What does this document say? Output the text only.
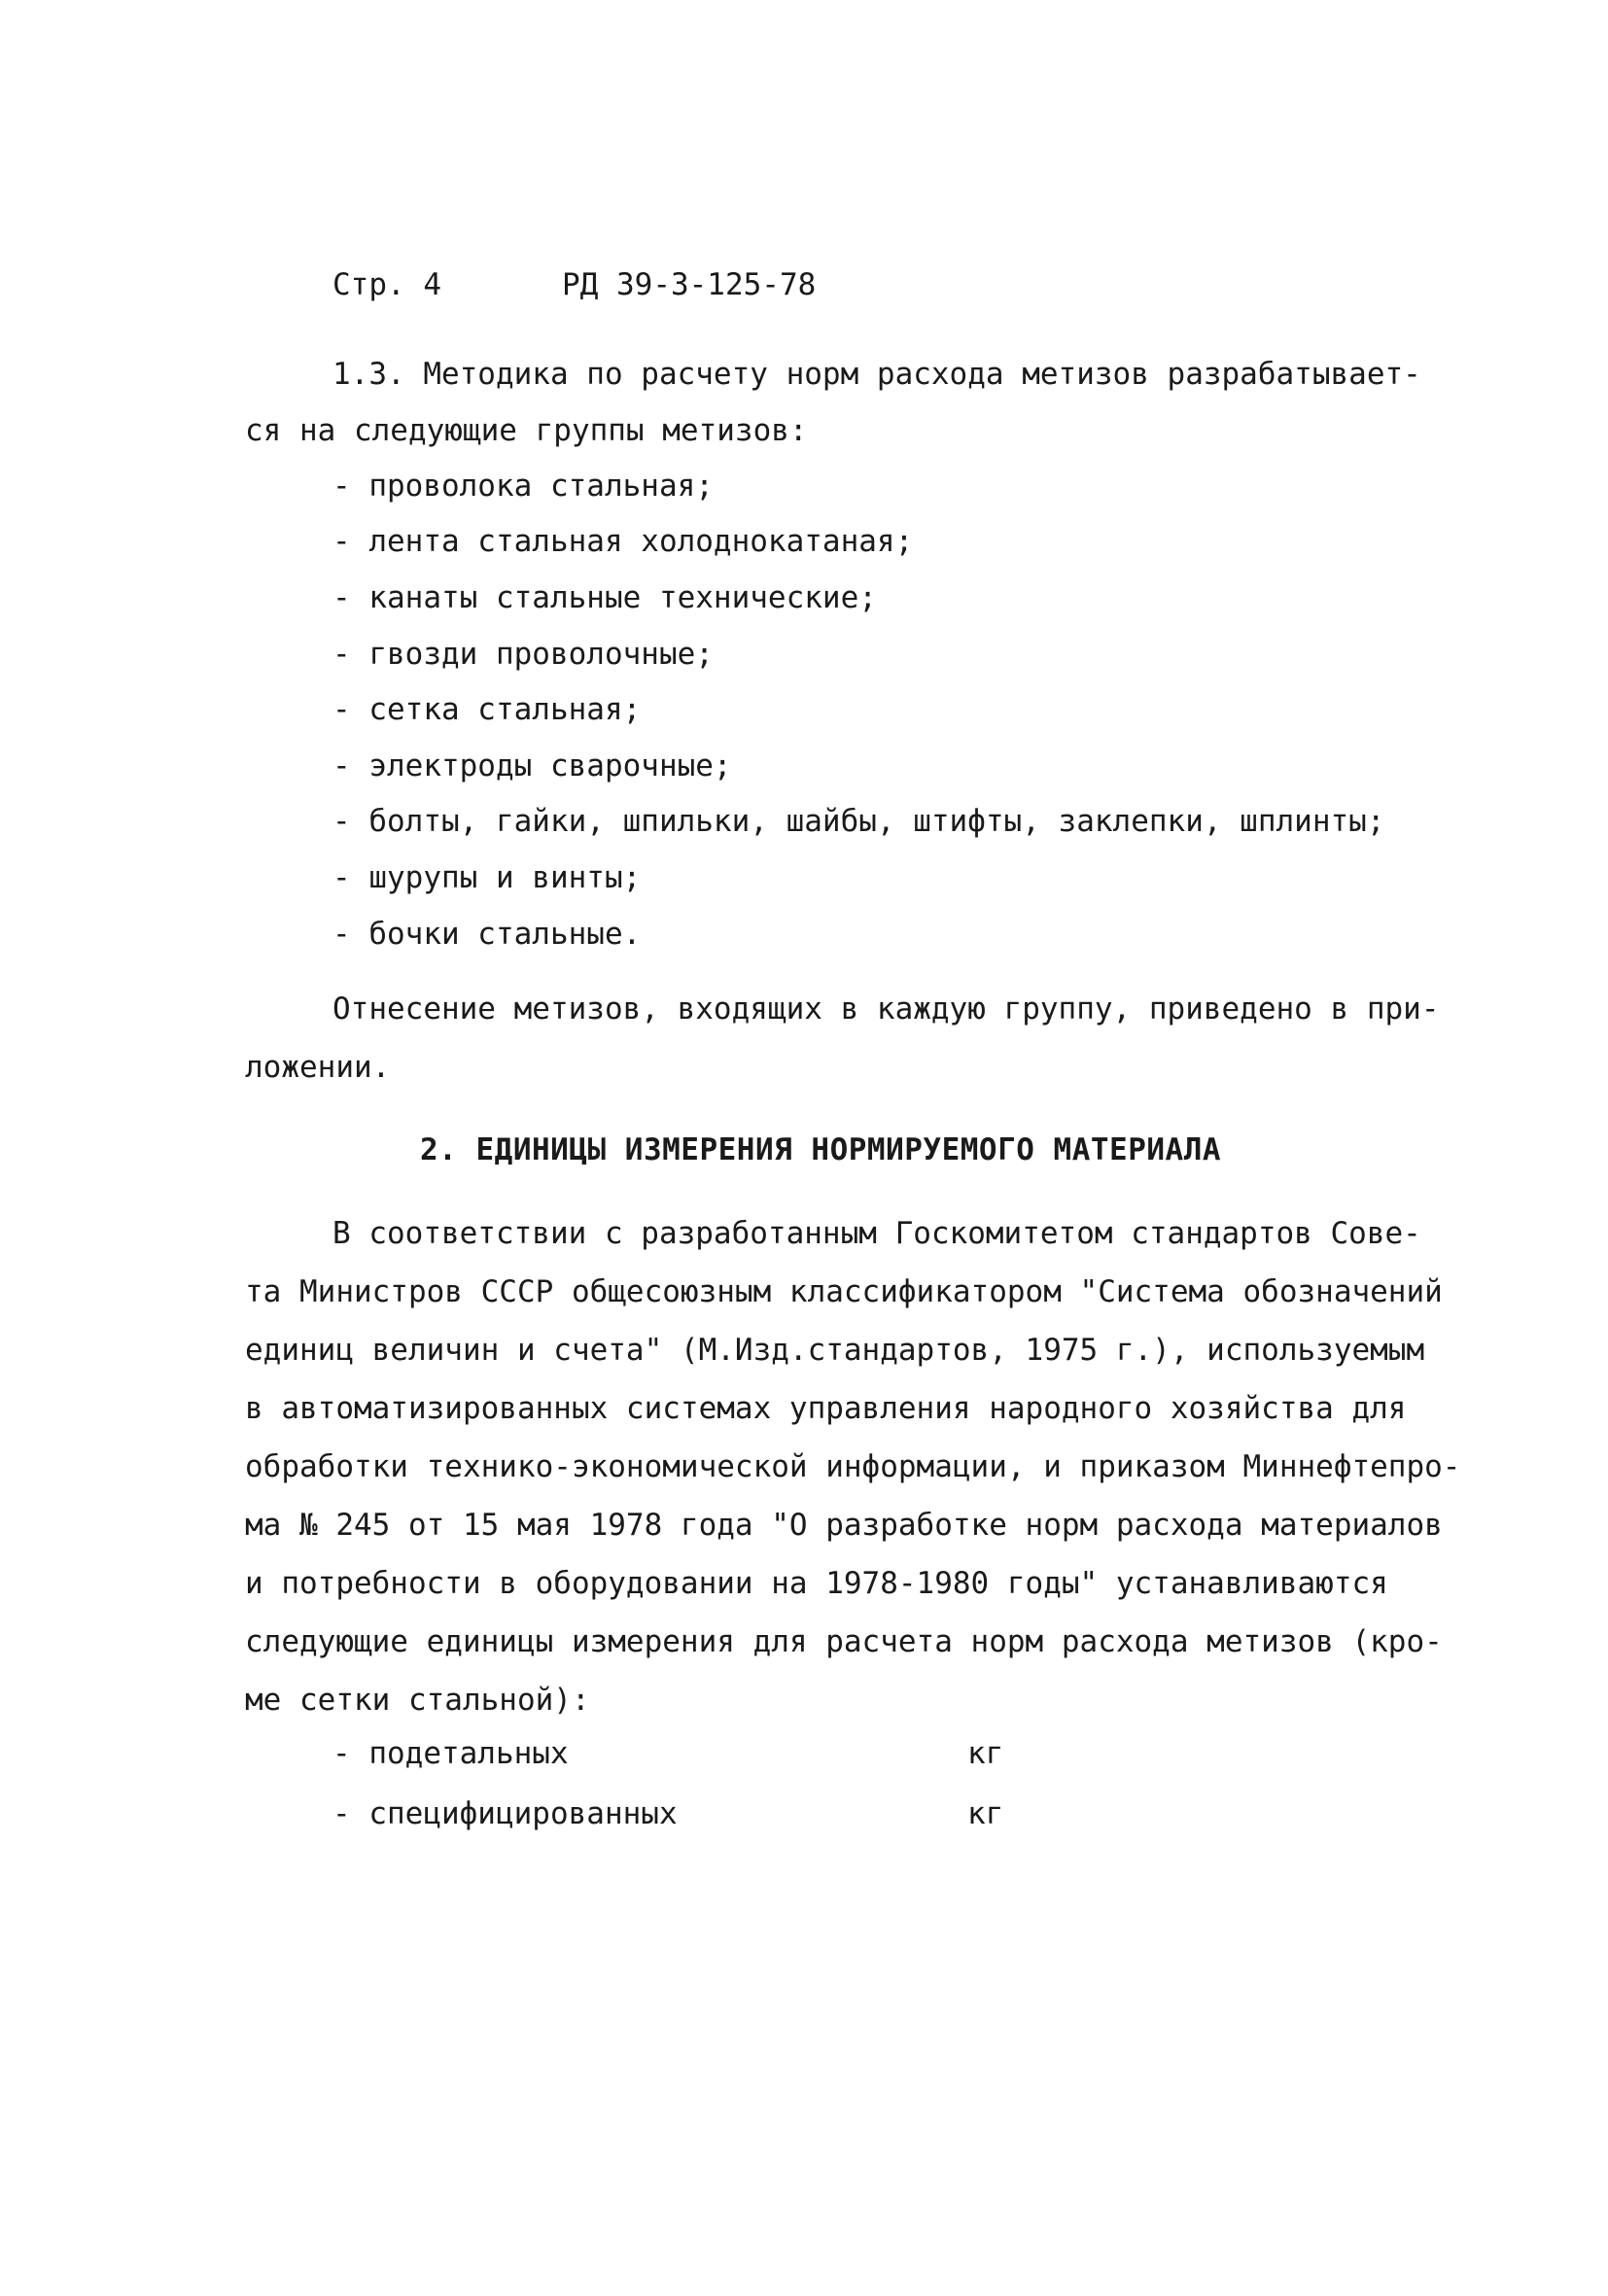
Стр. 4	РД 39-3-125-78
1.3. Методика по расчету норм расхода метизов разрабатывает-
ся на следующие группы метизов:
- проволока стальная;
- лента стальная холоднокатаная;
- канаты стальные технические;
- гвозди проволочные;
- сетка стальная;
- электроды сварочные;
- болты, гайки, шпильки, шайбы, штифты, заклепки, шплинты;
- шурупы и винты;
- бочки стальные.
Отнесение метизов, входящих в каждую группу, приведено в при-
ложении.
2. ЕДИНИЦЫ ИЗМЕРЕНИЯ НОРМИРУЕМОГО МАТЕРИАЛА
В соответствии с разработанным Госкомитетом стандартов Сове-
та Министров СССР общесоюзным классификатором "Система обозначений
единиц величин и счета" (М.Изд.стандартов, 1975 г.), используемым
в автоматизированных системах управления народного хозяйства для
обработки технико-экономической информации, и приказом Миннефтепро-
ма № 245 от 15 мая 1978 года "О разработке норм расхода материалов
и потребности в оборудовании на 1978-1980 годы" устанавливаются
следующие единицы измерения для расчета норм расхода метизов (кро-
ме сетки стальной):
- подетальных	кг
- специфицированных	кг
